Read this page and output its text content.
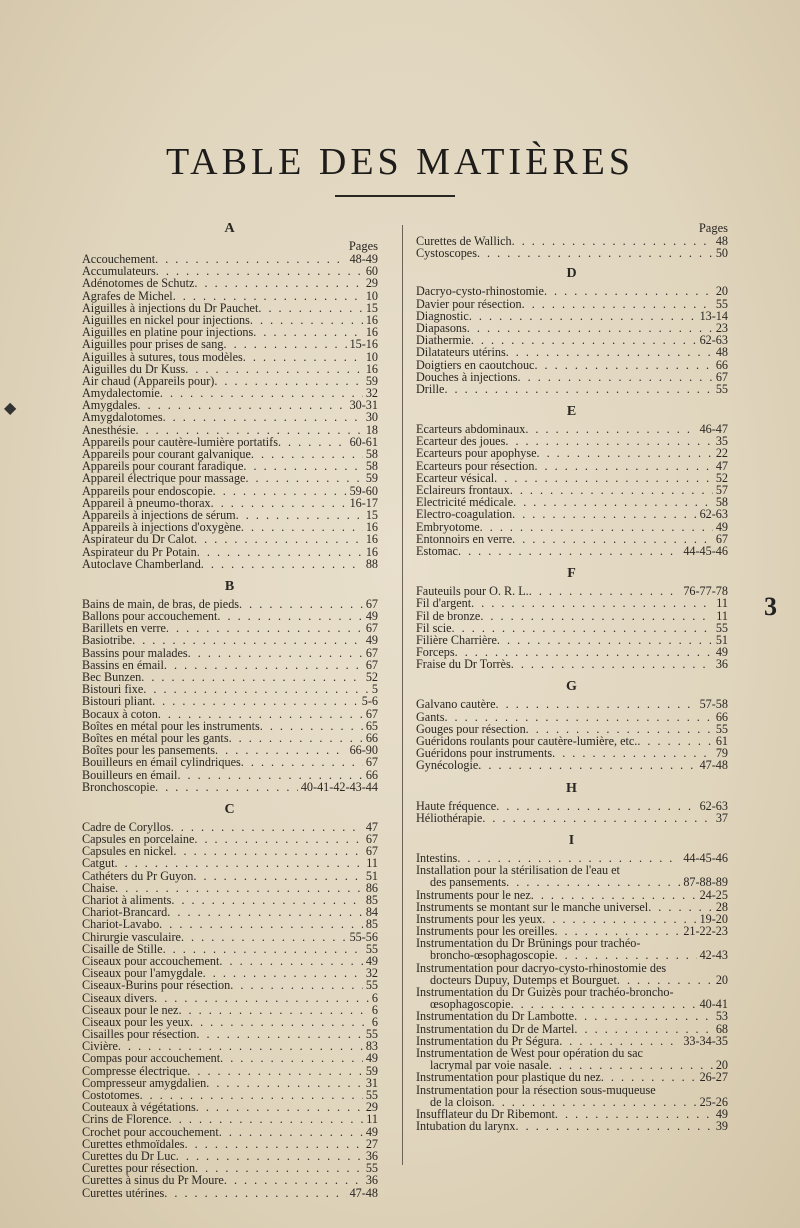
TABLE DES MATIÈRES
◆
3
A
Pages
Accouchement . . .	48-49
Accumulateurs . . .	60
Adénotomes de Schutz . . .	29
Agrafes de Michel . . .	10
Aiguilles à injections du Dr Pauchet . . .	15
Aiguilles en nickel pour injections . . .	16
Aiguilles en platine pour injections . . .	16
Aiguilles pour prises de sang . . .	15-16
Aiguilles à sutures, tous modèles . . .	10
Aiguilles du Dr Kuss . . .	16
Air chaud (Appareils pour) . . .	59
Amydalectomie . . .	32
Amygdales . . .	30-31
Amygdalotomes . . .	30
Anesthésie . . .	18
Appareils pour cautère-lumière portatifs . . .	60-61
Appareils pour courant galvanique . . .	58
Appareils pour courant faradique . . .	58
Appareil électrique pour massage . . .	59
Appareils pour endoscopie . . .	59-60
Appareil à pneumo-thorax . . .	16-17
Appareils à injections de sérum . . .	15
Appareils à injections d'oxygène . . .	16
Aspirateur du Dr Calot . . .	16
Aspirateur du Pr Potain . . .	16
Autoclave Chamberland . . .	88
B
Bains de main, de bras, de pieds . . .	67
Ballons pour accouchement . . .	49
Barillets en verre . . .	67
Basiotribe . . .	49
Bassins pour malades . . .	67
Bassins en émail . . .	67
Bec Bunzen . . .	52
Bistouri fixe . . .	5
Bistouri pliant . . .	5-6
Bocaux à coton . . .	67
Boîtes en métal pour les instruments . . .	65
Boîtes en métal pour les gants . . .	66
Boîtes pour les pansements . . .	66-90
Bouilleurs en émail cylindriques . . .	67
Bouilleurs en émail . . .	66
Bronchoscopie . . .	40-41-42-43-44
C
Cadre de Coryllos . . .	47
Capsules en porcelaine . . .	67
Capsules en nickel . . .	67
Catgut . . .	11
Cathéters du Pr Guyon . . .	51
Chaise . . .	86
Chariot à aliments . . .	85
Chariot-Brancard . . .	84
Chariot-Lavabo . . .	85
Chirurgie vasculaire . . .	55-56
Cisaille de Stille . . .	55
Ciseaux pour accouchement . . .	49
Ciseaux pour l'amygdale . . .	32
Ciseaux-Burins pour résection . . .	55
Ciseaux divers . . .	6
Ciseaux pour le nez . . .	6
Ciseaux pour les yeux . . .	6
Cisailles pour résection . . .	55
Civière . . .	83
Compas pour accouchement . . .	49
Compresse électrique . . .	59
Compresseur amygdalien . . .	31
Costotomes . . .	55
Couteaux à végétations . . .	29
Crins de Florence . . .	11
Crochet pour accouchement . . .	49
Curettes ethmoïdales . . .	27
Curettes du Dr Luc . . .	36
Curettes pour résection . . .	55
Curettes à sinus du Pr Moure . . .	36
Curettes utérines . . .	47-48
Pages
Curettes de Wallich . . .	48
Cystoscopes . . .	50
D
Dacryo-cysto-rhinostomie . . .	20
Davier pour résection . . .	55
Diagnostic . . .	13-14
Diapasons . . .	23
Diathermie . . .	62-63
Dilatateurs utérins . . .	48
Doigtiers en caoutchouc . . .	66
Douches à injections . . .	67
Drille . . .	55
E
Ecarteurs abdominaux . . .	46-47
Ecarteur des joues . . .	35
Ecarteurs pour apophyse . . .	22
Ecarteurs pour résection . . .	47
Ecarteur vésical . . .	52
Eclaireurs frontaux . . .	57
Electricité médicale . . .	58
Electro-coagulation . . .	62-63
Embryotome . . .	49
Entonnoirs en verre . . .	67
Estomac . . .	44-45-46
F
Fauteuils pour O. R. L. . . .	76-77-78
Fil d'argent . . .	11
Fil de bronze . . .	11
Fil scie . . .	55
Filière Charrière . . .	51
Forceps . . .	49
Fraise du Dr Torrès . . .	36
G
Galvano cautère . . .	57-58
Gants . . .	66
Gouges pour résection . . .	55
Guéridons roulants pour cautère-lumière, etc. . . .	61
Guéridons pour instruments . . .	79
Gynécologie . . .	47-48
H
Haute fréquence . . .	62-63
Héliothérapie . . .	37
I
Intestins . . .	44-45-46
Installation pour la stérilisation de l'eau et
des pansements . . .	87-88-89
Instruments pour le nez . . .	24-25
Instruments se montant sur le manche universel . . .	28
Instruments pour les yeux . . .	19-20
Instruments pour les oreilles . . .	21-22-23
Instrumentation du Dr Brünings pour trachéo-
broncho-œsophagoscopie . . .	42-43
Instrumentation pour dacryo-cysto-rhinostomie des
docteurs Dupuy, Dutemps et Bourguet . . .	20
Instrumentation du Dr Guizès pour trachéo-broncho-
œsophagoscopie . . .	40-41
Instrumentation du Dr Lambotte . . .	53
Instrumentation du Dr de Martel . . .	68
Instrumentation du Pr Ségura . . .	33-34-35
Instrumentation de West pour opération du sac
lacrymal par voie nasale . . .	20
Instrumentation pour plastique du nez . . .	26-27
Instrumentation pour la résection sous-muqueuse
de la cloison . . .	25-26
Insufflateur du Dr Ribemont . . .	49
Intubation du larynx . . .	39
